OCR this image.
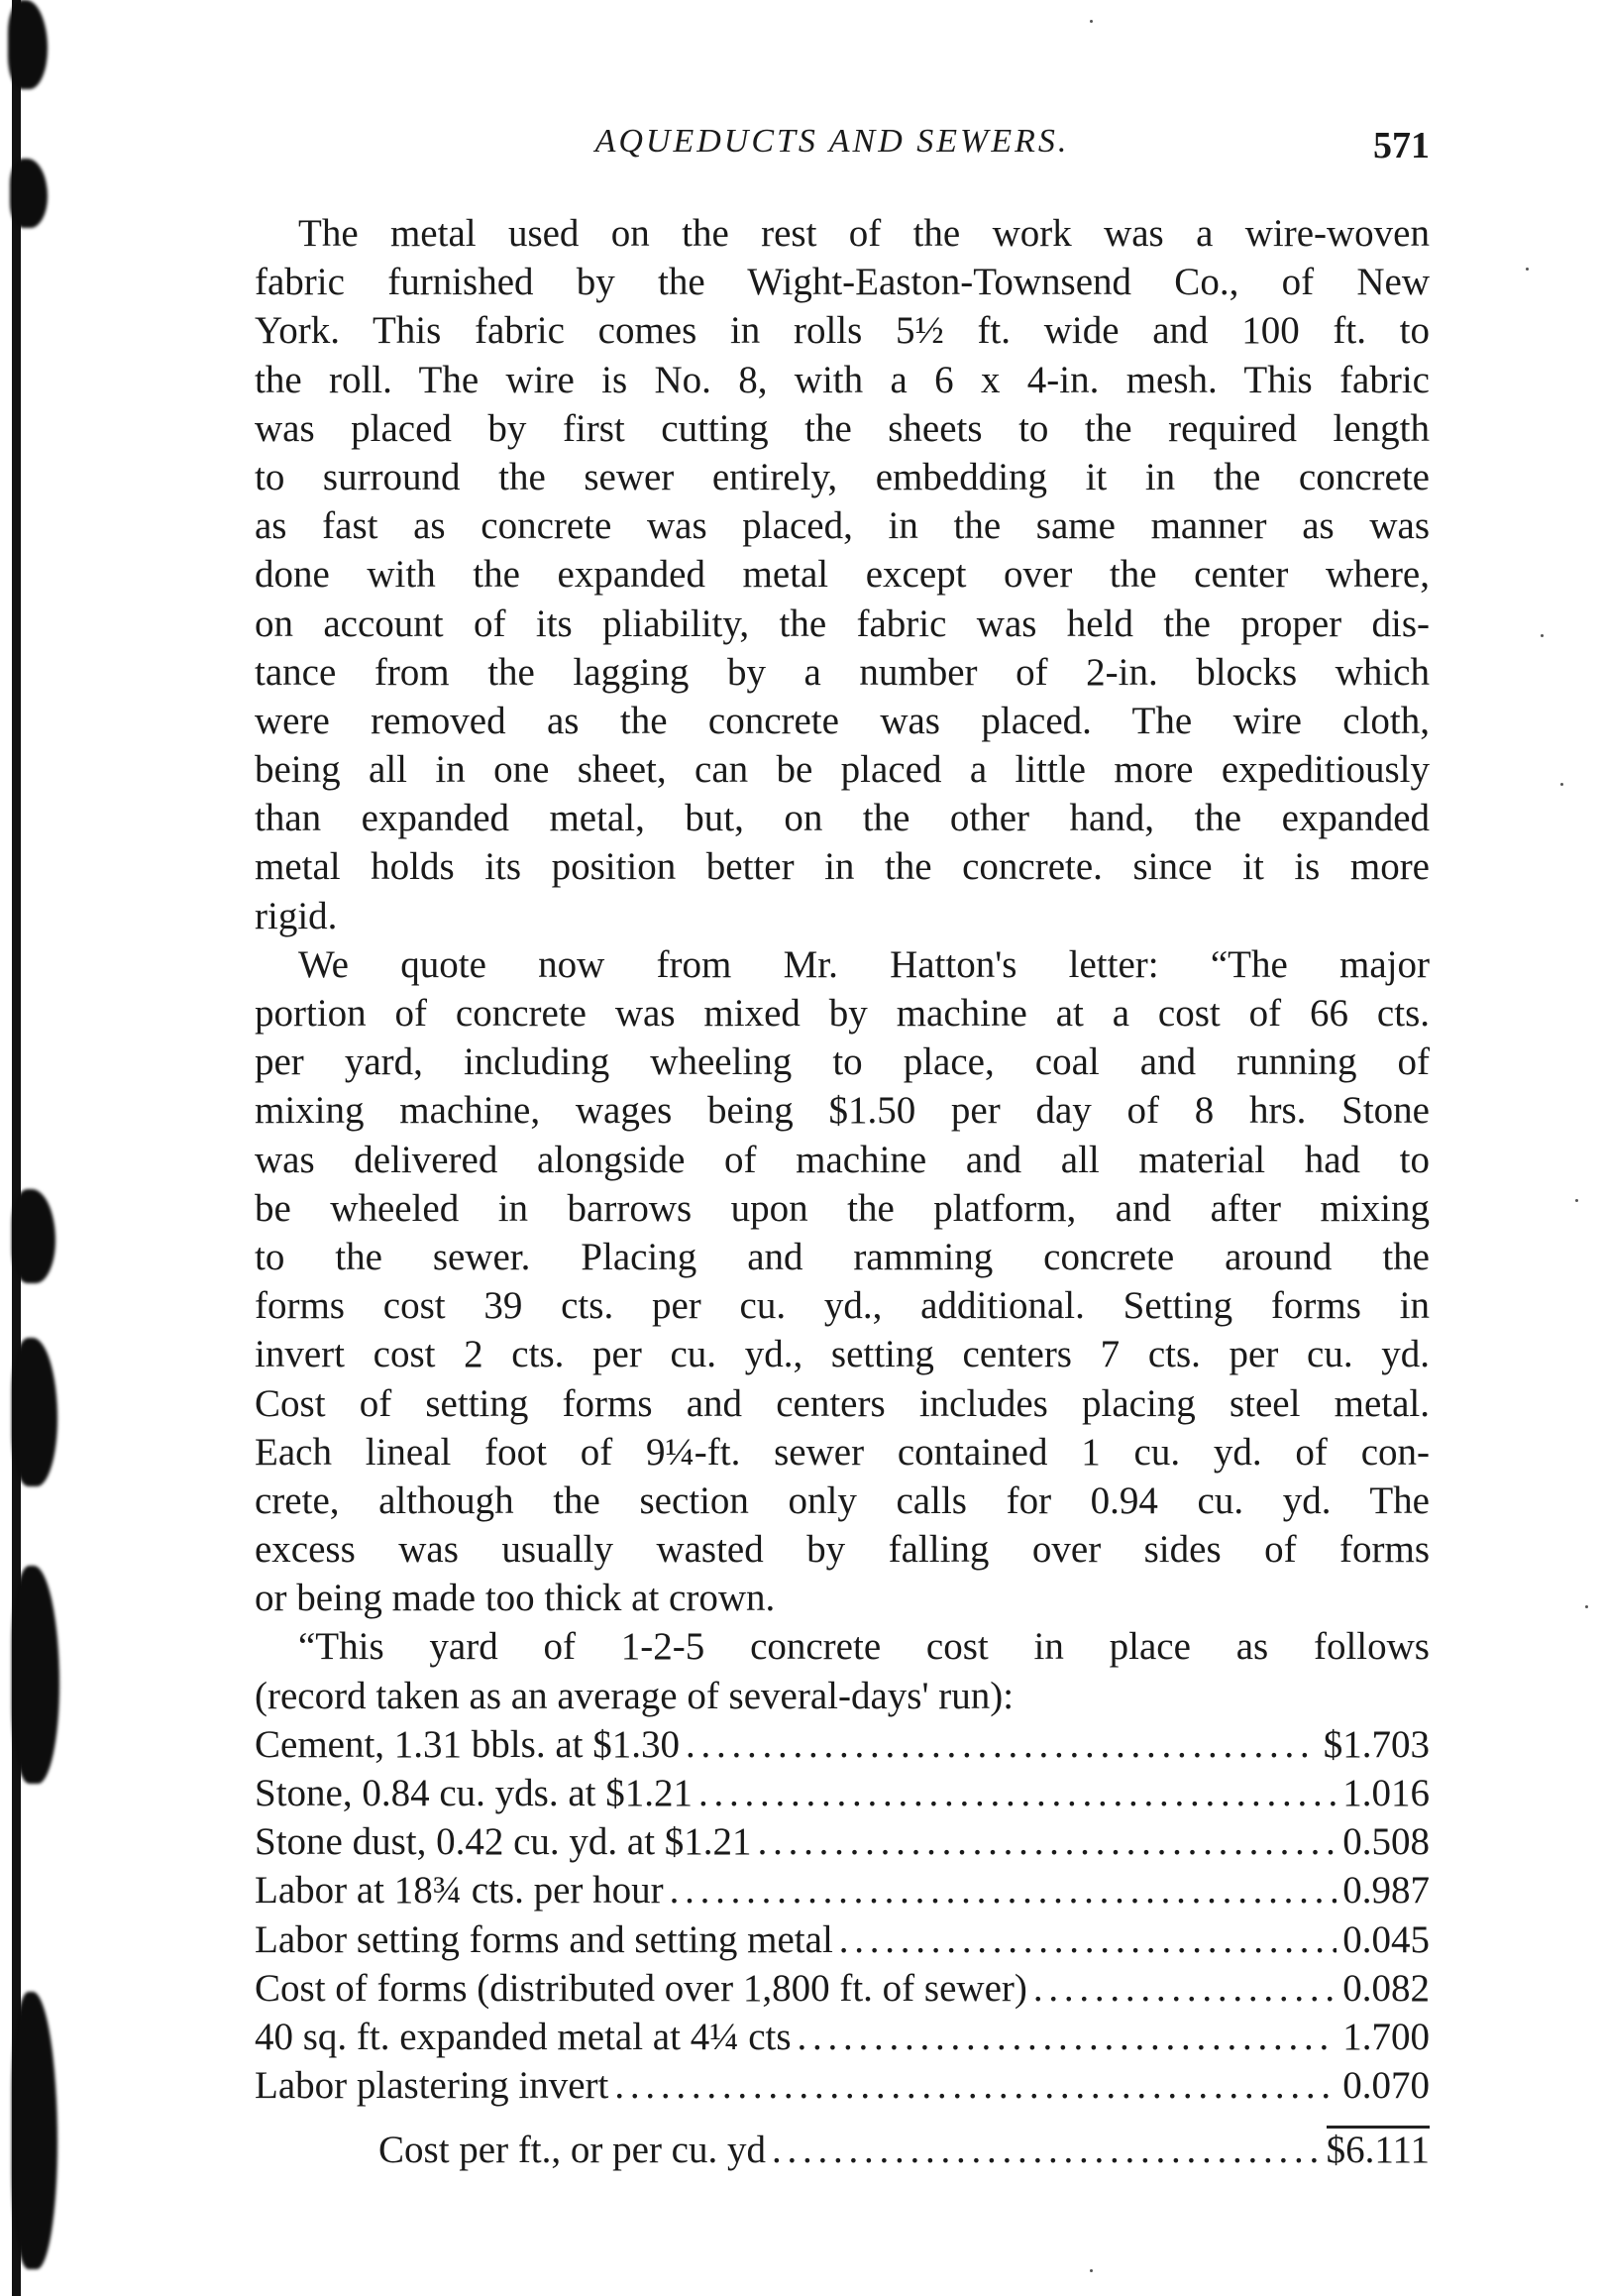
AQUEDUCTS AND SEWERS.	571
The metal used on the rest of the work was a wire-woven
fabric furnished by the Wight-Easton-Townsend Co., of New
York. This fabric comes in rolls 5½ ft. wide and 100 ft. to
the roll. The wire is No. 8, with a 6 x 4-in. mesh. This fabric
was placed by first cutting the sheets to the required length
to surround the sewer entirely, embedding it in the concrete
as fast as concrete was placed, in the same manner as was
done with the expanded metal except over the center where,
on account of its pliability, the fabric was held the proper dis-
tance from the lagging by a number of 2-in. blocks which
were removed as the concrete was placed. The wire cloth,
being all in one sheet, can be placed a little more expeditiously
than expanded metal, but, on the other hand, the expanded
metal holds its position better in the concrete. since it is more
rigid.
We quote now from Mr. Hatton's letter: “The major
portion of concrete was mixed by machine at a cost of 66 cts.
per yard, including wheeling to place, coal and running of
mixing machine, wages being $1.50 per day of 8 hrs. Stone
was delivered alongside of machine and all material had to
be wheeled in barrows upon the platform, and after mixing
to the sewer. Placing and ramming concrete around the
forms cost 39 cts. per cu. yd., additional. Setting forms in
invert cost 2 cts. per cu. yd., setting centers 7 cts. per cu. yd.
Cost of setting forms and centers includes placing steel metal.
Each lineal foot of 9¼-ft. sewer contained 1 cu. yd. of con-
crete, although the section only calls for 0.94 cu. yd. The
excess was usually wasted by falling over sides of forms
or being made too thick at crown.
“This yard of 1-2-5 concrete cost in place as follows
(record taken as an average of several-days' run):
Cement, 1.31 bbls. at $1.30 . . .	$1.703
Stone, 0.84 cu. yds. at $1.21 . . .	1.016
Stone dust, 0.42 cu. yd. at $1.21 . . .	0.508
Labor at 18¾ cts. per hour . . .	0.987
Labor setting forms and setting metal . . .	0.045
Cost of forms (distributed over 1,800 ft. of sewer) . . .	0.082
40 sq. ft. expanded metal at 4¼ cts . . .	1.700
Labor plastering invert . . .	0.070
Cost per ft., or per cu. yd . . .	$6.111
